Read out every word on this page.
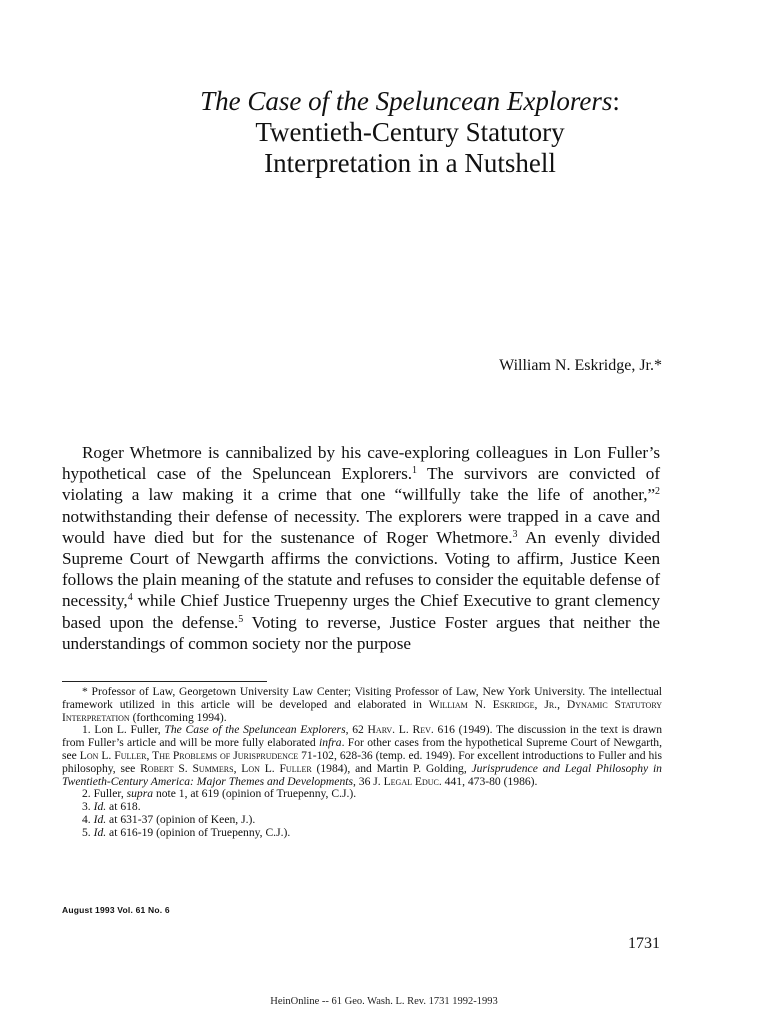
The Case of the Speluncean Explorers:
Twentieth-Century Statutory
Interpretation in a Nutshell
William N. Eskridge, Jr.*

Roger Whetmore is cannibalized by his cave-exploring colleagues in Lon Fuller’s hypothetical case of the Speluncean Explorers.$^1$ The survivors are convicted of violating a law making it a crime that one “willfully take the life of another,”$^2$ notwithstanding their defense of necessity. The explorers were trapped in a cave and would have died but for the sustenance of Roger Whetmore.$^3$ An evenly divided Supreme Court of Newgarth affirms the convictions. Voting to affirm, Justice Keen follows the plain meaning of the statute and refuses to consider the equitable defense of necessity,$^4$ while Chief Justice Truepenny urges the Chief Executive to grant clemency based upon the defense.$^5$ Voting to reverse, Justice Foster argues that neither the understandings of common society nor the purpose

* Professor of Law, Georgetown University Law Center; Visiting Professor of Law, New York University. The intellectual framework utilized in this article will be developed and elaborated in William N. Eskridge, Jr., Dynamic Statutory Interpretation (forthcoming 1994).

1. Lon L. Fuller, The Case of the Speluncean Explorers, 62 Harv. L. Rev. 616 (1949). The discussion in the text is drawn from Fuller’s article and will be more fully elaborated infra. For other cases from the hypothetical Supreme Court of Newgarth, see Lon L. Fuller, The Problems of Jurisprudence 71-102, 628-36 (temp. ed. 1949). For excellent introductions to Fuller and his philosophy, see Robert S. Summers, Lon L. Fuller (1984), and Martin P. Golding, Jurisprudence and Legal Philosophy in Twentieth-Century America: Major Themes and Developments, 36 J. Legal Educ. 441, 473-80 (1986).

2. Fuller, supra note 1, at 619 (opinion of Truepenny, C.J.).

3. Id. at 618.

4. Id. at 631-37 (opinion of Keen, J.).

5. Id. at 616-19 (opinion of Truepenny, C.J.).

August 1993 Vol. 61 No. 6
1731
HeinOnline -- 61 Geo. Wash. L. Rev. 1731 1992-1993
